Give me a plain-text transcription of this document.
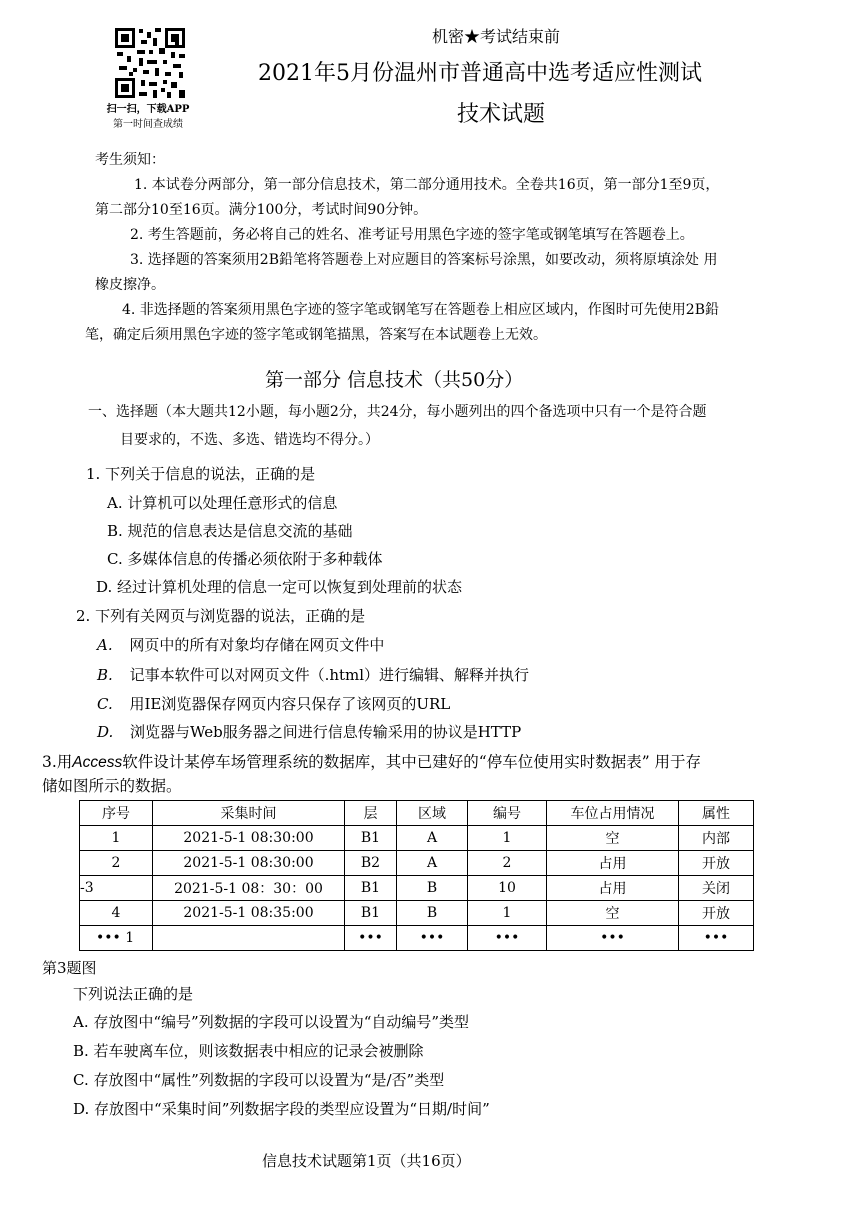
扫一扫，下载APP
第一时间查成绩
机密★考试结束前
2021年5月份温州市普通高中选考适应性测试
技术试题
考生须知：
1. 本试卷分两部分，第一部分信息技术，第二部分通用技术。全卷共16页，第一部分1至9页，
第二部分10至16页。满分100分，考试时间90分钟。
2. 考生答题前，务必将自己的姓名、准考证号用黑色字迹的签字笔或钢笔填写在答题卷上。
3. 选择题的答案须用2B鉛笔将答题卷上对应题目的答案标号涂黑，如要改动，须将原填涂处 用
橡皮擦净。
4. 非选择题的答案须用黑色字迹的签字笔或钢笔写在答题卷上相应区域内，作图时可先使用2B鉛
笔，确定后须用黑色字迹的签字笔或钢笔描黑，答案写在本试题卷上无效。
第一部分 信息技术（共50分）
一、选择题（本大题共12小题，每小题2分，共24分，每小题列出的四个备选项中只有一个是符合题
目要求的，不选、多选、错选均不得分。）
1. 下列关于信息的说法，正确的是
A. 计算机可以处理任意形式的信息
B. 规范的信息表达是信息交流的基础
C. 多媒体信息的传播必须依附于多种载体
D. 经过计算机处理的信息一定可以恢复到处理前的状态
2. 下列有关网页与浏览器的说法，正确的是
A. 网页中的所有对象均存储在网页文件中
B. 记事本软件可以对网页文件（.html）进行编辑、解释并执行
C. 用IE浏览器保存网页内容只保存了该网页的URL
D. 浏览器与Web服务器之间进行信息传输采用的协议是HTTP
3.用Access软件设计某停车场管理系统的数据库，其中已建好的“停车位使用实时数据表” 用于存
储如图所示的数据。
序号	采集时间	层	区域	编号	车位占用情况	属性
1	2021-5-1 08:30:00	B1	A	1	空	内部
2	2021-5-1 08:30:00	B2	A	2	占用	开放
-3	2021-5-1 08：30：00	B1	B	10	占用	关闭
4	2021-5-1 08:35:00	B1	B	1	空	开放
••• 1		•••	•••	•••	•••	•••
第3题图
下列说法正确的是
A. 存放图中“编号”列数据的字段可以设置为“自动编号”类型
B. 若车驶离车位，则该数据表中相应的记录会被删除
C. 存放图中“属性”列数据的字段可以设置为“是/否”类型
D. 存放图中“采集时间”列数据字段的类型应设置为“日期/时间”
信息技术试题第1页（共16页）
